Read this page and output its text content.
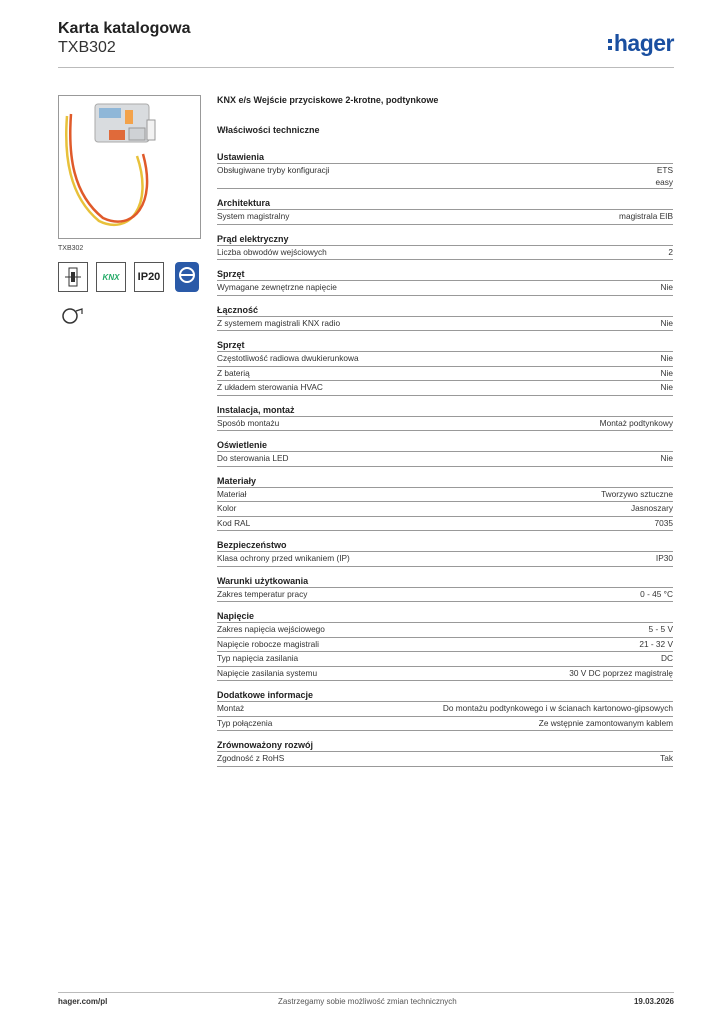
Karta katalogowa
TXB302	hager
TXB302
KNX	IP20
KNX e/s Wejście przyciskowe 2-krotne, podtynkowe
Właściwości techniczne
Ustawienia
Obsługiwane tryby konfiguracji	ETS
easy
Architektura
System magistralny	magistrala EIB
Prąd elektryczny
Liczba obwodów wejściowych	2
Sprzęt
Wymagane zewnętrzne napięcie	Nie
Łączność
Z systemem magistrali KNX radio	Nie
Sprzęt
Częstotliwość radiowa dwukierunkowa	Nie
Z baterią	Nie
Z układem sterowania HVAC	Nie
Instalacja, montaż
Sposób montażu	Montaż podtynkowy
Oświetlenie
Do sterowania LED	Nie
Materiały
Materiał	Tworzywo sztuczne
Kolor	Jasnoszary
Kod RAL	7035
Bezpieczeństwo
Klasa ochrony przed wnikaniem (IP)	IP30
Warunki użytkowania
Zakres temperatur pracy	0 - 45 °C
Napięcie
Zakres napięcia wejściowego	5 - 5 V
Napięcie robocze magistrali	21 - 32 V
Typ napięcia zasilania	DC
Napięcie zasilania systemu	30 V DC poprzez magistralę
Dodatkowe informacje
Montaż	Do montażu podtynkowego i w ścianach kartonowo-gipsowych
Typ połączenia	Ze wstępnie zamontowanym kablem
Zrównoważony rozwój
Zgodność z RoHS	Tak
hager.com/pl	Zastrzegamy sobie możliwość zmian technicznych	19.03.2026
